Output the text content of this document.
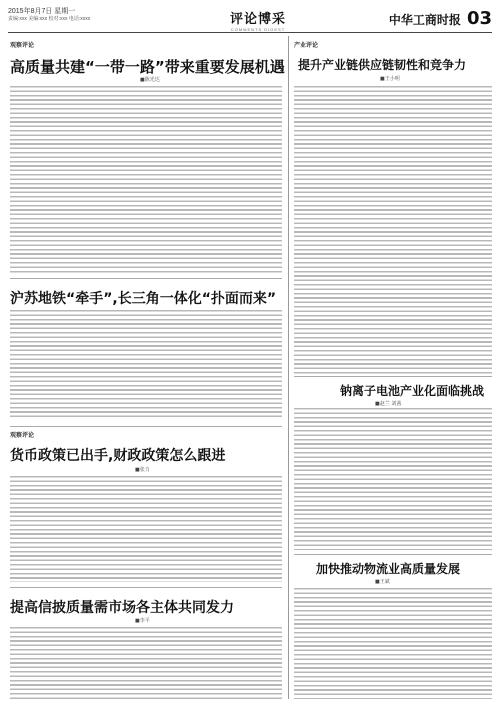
2015年8月7日 星期一
责编:xxx 美编:xxx 校对:xxx 电话:xxxx	评论博采
COMMENTS DIGEST
中华工商时报 03
观察评论
高质量共建“一带一路”带来重要发展机遇
■陈光达
沪苏地铁“牵手”,长三角一体化“扑面而来”
观察评论
货币政策已出手,财政政策怎么跟进
■张力
提高信披质量需市场各主体共同发力
■李平
产业评论
提升产业链供应链韧性和竞争力
■王小明
钠离子电池产业化面临挑战
■赵兰 刘茜
加快推动物流业高质量发展
■王斌
